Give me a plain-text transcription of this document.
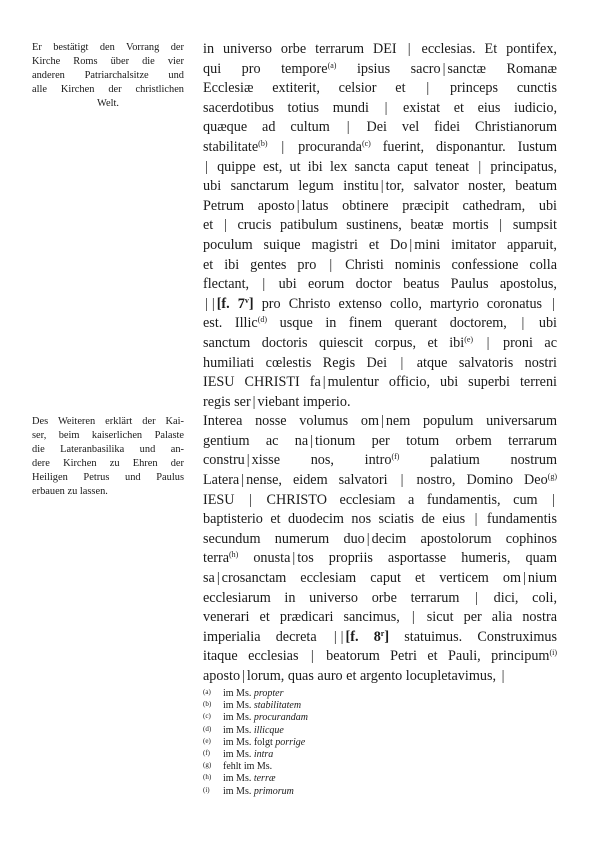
Er bestätigt den Vorrang der
Kirche Roms über die vier
anderen Patriarchalsitze und
alle Kirchen der christlichen
Welt.
Des Weiteren erklärt der Kai-
ser, beim kaiserlichen Palaste
die Lateranbasilika und an-
dere Kirchen zu Ehren der
Heiligen Petrus und Paulus
erbauen zu lassen.
in universo orbe terrarum DEI | ecclesias. Et pontifex,
qui pro tempore$^{(a)}$ ipsius sacro | sanctæ Romanæ
Ecclesiæ extiterit, celsior et | princeps cunctis
sacerdotibus totius mundi | existat et eius iudicio,
quæque ad cultum | Dei vel fidei Christianorum
stabilitate$^{(b)}$ | procuranda$^{(c)}$ fuerint, disponantur. Iustum
| quippe est, ut ibi lex sancta caput teneat | principatus,
ubi sanctarum legum institu | tor, salvator noster, beatum
Petrum aposto | latus obtinere præcipit cathedram, ubi
et | crucis patibulum sustinens, beatæ mortis | sumpsit
poculum suique magistri et Do | mini imitator apparuit,
et ibi gentes pro | Christi nominis confessione colla
flectant, | ubi eorum doctor beatus Paulus apostolus,
| | [f. 7$^v$] pro Christo extenso collo, martyrio coronatus |
est. Illic$^{(d)}$ usque in finem querant doctorem, | ubi
sanctum doctoris quiescit corpus, et ibi$^{(e)}$ | proni ac
humiliati cœlestis Regis Dei | atque salvatoris nostri
IESU CHRISTI fa | mulentur officio, ubi superbi terreni
regis ser | viebant imperio.
Interea nosse volumus om | nem populum universarum
gentium ac na | tionum per totum orbem terrarum
constru | xisse nos, intro$^{(f)}$ palatium nostrum
Latera | nense, eidem salvatori | nostro, Domino Deo$^{(g)}$
IESU | CHRISTO ecclesiam a fundamentis, cum |
baptisterio et duodecim nos sciatis de eius | fundamentis
secundum numerum duo | decim apostolorum cophinos
terra$^{(h)}$ onusta | tos propriis asportasse humeris, quam
sa | crosanctam ecclesiam caput et verticem om | nium
ecclesiarum in universo orbe terrarum | dici, coli,
venerari et prædicari sancimus, | sicut per alia nostra
imperialia decreta | | [f. 8$^r$] statuimus. Construximus
itaque ecclesias | beatorum Petri et Pauli, principum$^{(i)}$
aposto | lorum, quas auro et argento locupletavimus, |
(a)	im Ms. propter
(b)	im Ms. stabilitatem
(c)	im Ms. procurandam
(d)	im Ms. illicque
(e)	im Ms. folgt porrige
(f)	im Ms. intra
(g)	fehlt im Ms.
(h)	im Ms. terræ
(i)	im Ms. primorum
